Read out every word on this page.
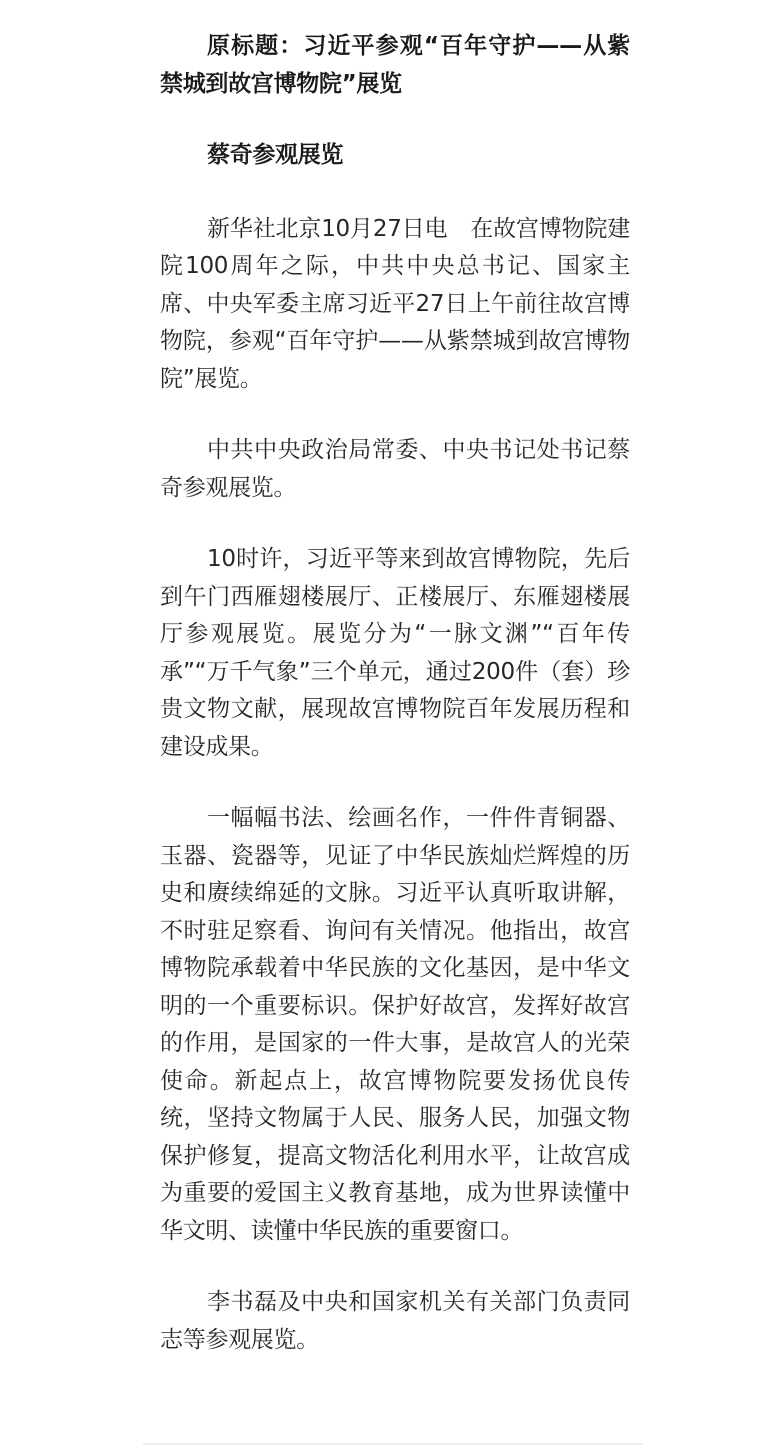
原标题：习近平参观“百年守护——从紫禁城到故宫博物院”展览

蔡奇参观展览

新华社北京10月27日电　在故宫博物院建院100周年之际，中共中央总书记、国家主席、中央军委主席习近平27日上午前往故宫博物院，参观“百年守护——从紫禁城到故宫博物院”展览。

中共中央政治局常委、中央书记处书记蔡奇参观展览。

10时许，习近平等来到故宫博物院，先后到午门西雁翅楼展厅、正楼展厅、东雁翅楼展厅参观展览。展览分为“一脉文渊”“百年传承”“万千气象”三个单元，通过200件（套）珍贵文物文献，展现故宫博物院百年发展历程和建设成果。

一幅幅书法、绘画名作，一件件青铜器、玉器、瓷器等，见证了中华民族灿烂辉煌的历史和赓续绵延的文脉。习近平认真听取讲解，不时驻足察看、询问有关情况。他指出，故宫博物院承载着中华民族的文化基因，是中华文明的一个重要标识。保护好故宫，发挥好故宫的作用，是国家的一件大事，是故宫人的光荣使命。新起点上，故宫博物院要发扬优良传统，坚持文物属于人民、服务人民，加强文物保护修复，提高文物活化利用水平，让故宫成为重要的爱国主义教育基地，成为世界读懂中华文明、读懂中华民族的重要窗口。

李书磊及中央和国家机关有关部门负责同志等参观展览。
